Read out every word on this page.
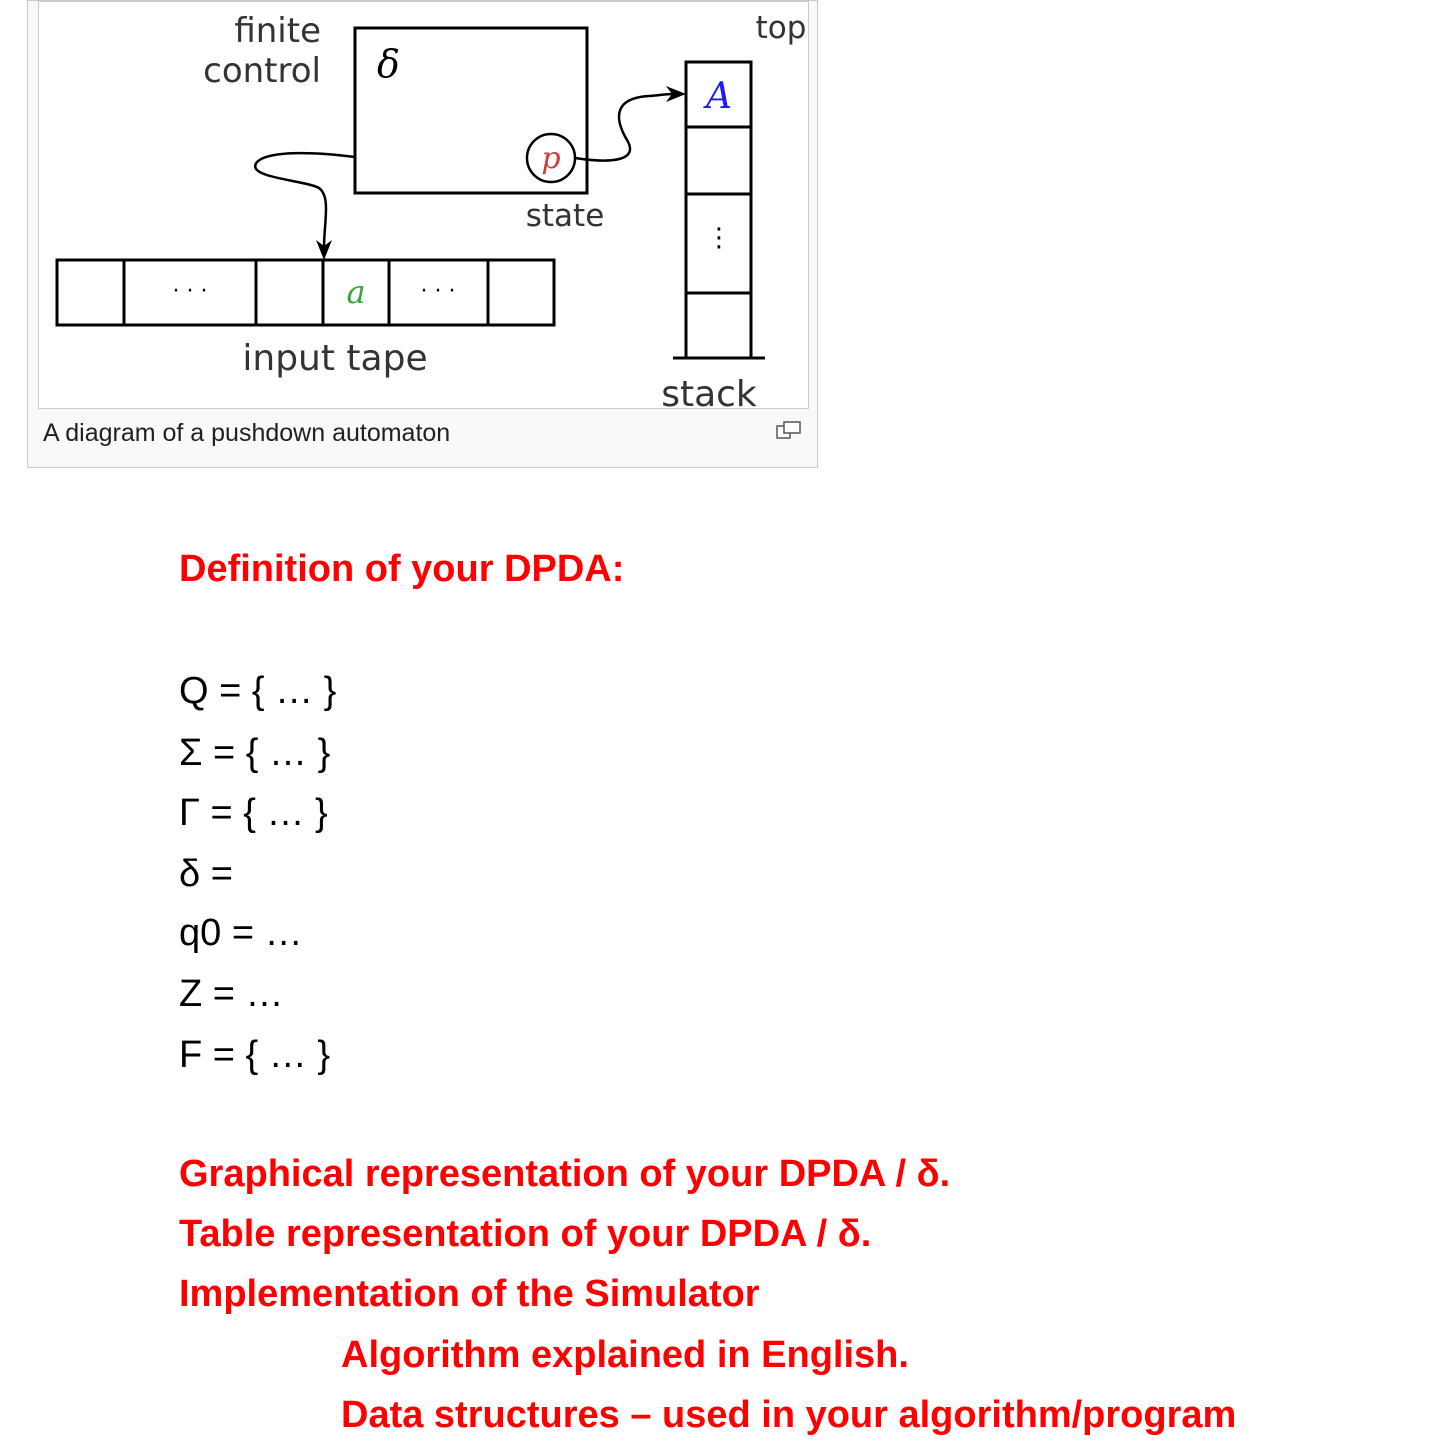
finite
control δ
p
state
top
A
⋮
stack
· · ·	· · ·
a
input tape
A diagram of a pushdown automaton

Definition of your DPDA:

Q = { … }

Σ = { … }

Γ = { … }

δ =

q0 = …

Z = …

F = { … }

Graphical representation of your DPDA / δ.

Table representation of your DPDA / δ.

Implementation of the Simulator

Algorithm explained in English.

Data structures – used in your algorithm/program
